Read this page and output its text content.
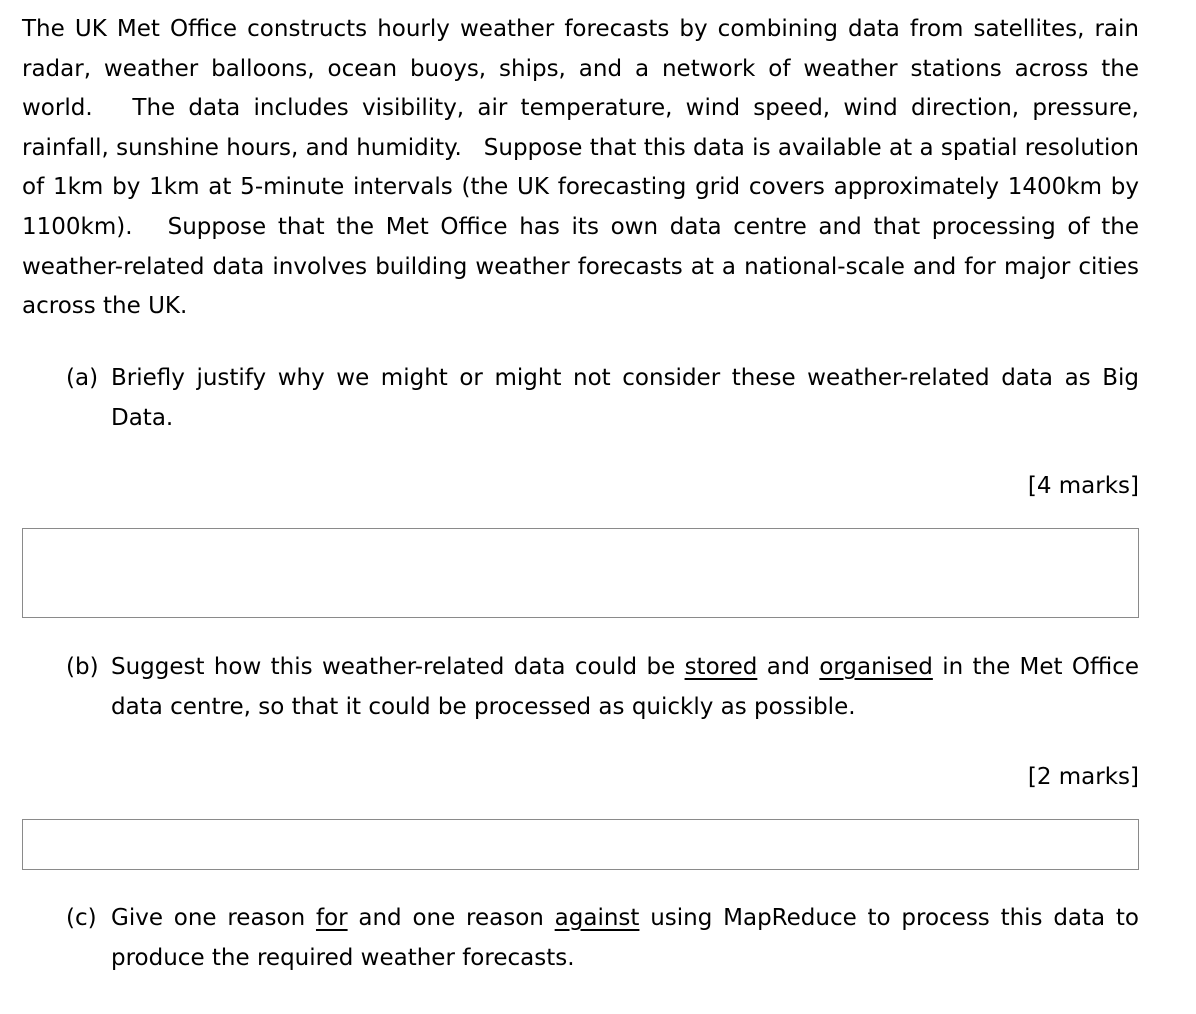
The UK Met Office constructs hourly weather forecasts by combining data from satellites, rain radar, weather balloons, ocean buoys, ships, and a network of weather stations across the world. The data includes visibility, air temperature, wind speed, wind direction, pressure, rainfall, sunshine hours, and humidity. Suppose that this data is available at a spatial resolution of 1km by 1km at 5-minute intervals (the UK forecasting grid covers approximately 1400km by 1100km). Suppose that the Met Office has its own data centre and that processing of the weather-related data involves building weather forecasts at a national-scale and for major cities across the UK.

(a) Briefly justify why we might or might not consider these weather-related data as Big Data.
[4 marks]
(b) Suggest how this weather-related data could be stored and organised in the Met Office data centre, so that it could be processed as quickly as possible.
[2 marks]
(c) Give one reason for and one reason against using MapReduce to process this data to produce the required weather forecasts.
